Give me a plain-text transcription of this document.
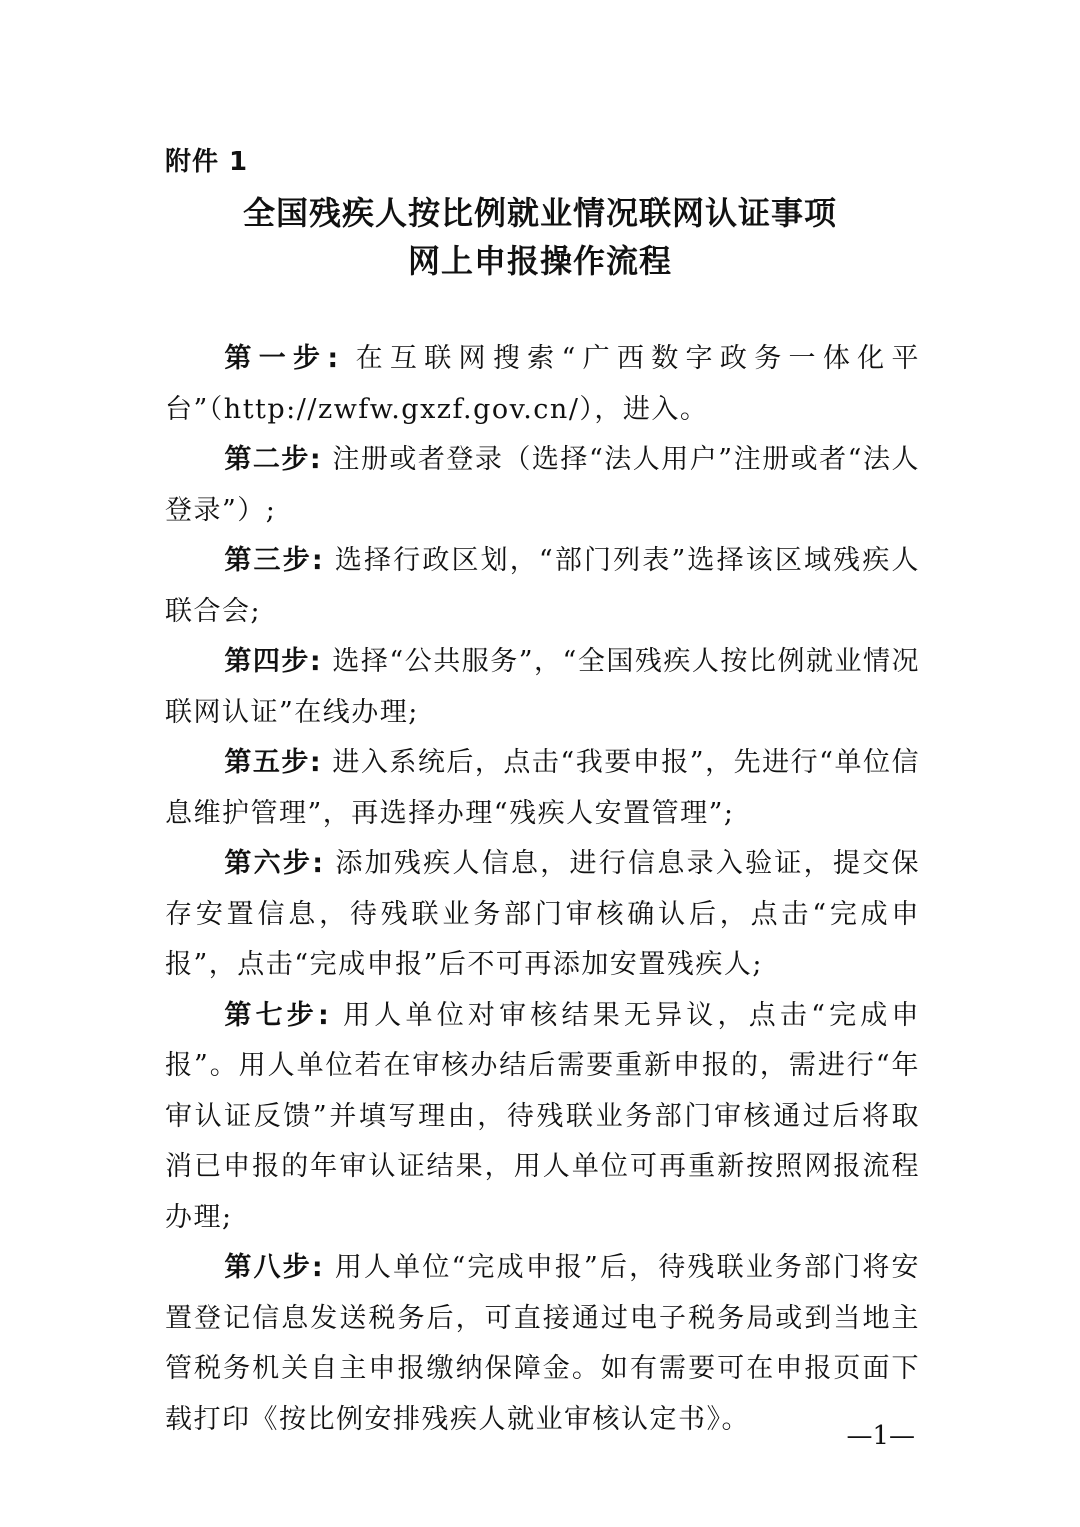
附件 1
全国残疾人按比例就业情况联网认证事项
网上申报操作流程

第一步: 在互联网搜索“广西数字政务一体化平台”（http://zwfw.gxzf.gov.cn/），进入。

第二步: 注册或者登录（选择“法人用户”注册或者“法人登录”）;

第三步: 选择行政区划，“部门列表”选择该区域残疾人联合会;

第四步: 选择“公共服务”，“全国残疾人按比例就业情况联网认证”在线办理;

第五步: 进入系统后，点击“我要申报”，先进行“单位信息维护管理”，再选择办理“残疾人安置管理”;

第六步: 添加残疾人信息，进行信息录入验证，提交保存安置信息，待残联业务部门审核确认后，点击“完成申报”，点击“完成申报”后不可再添加安置残疾人;

第七步: 用人单位对审核结果无异议，点击“完成申报”。用人单位若在审核办结后需要重新申报的，需进行“年审认证反馈”并填写理由，待残联业务部门审核通过后将取消已申报的年审认证结果，用人单位可再重新按照网报流程办理;

第八步: 用人单位“完成申报”后，待残联业务部门将安置登记信息发送税务后，可直接通过电子税务局或到当地主管税务机关自主申报缴纳保障金。如有需要可在申报页面下载打印《按比例安排残疾人就业审核认定书》。

—1—
